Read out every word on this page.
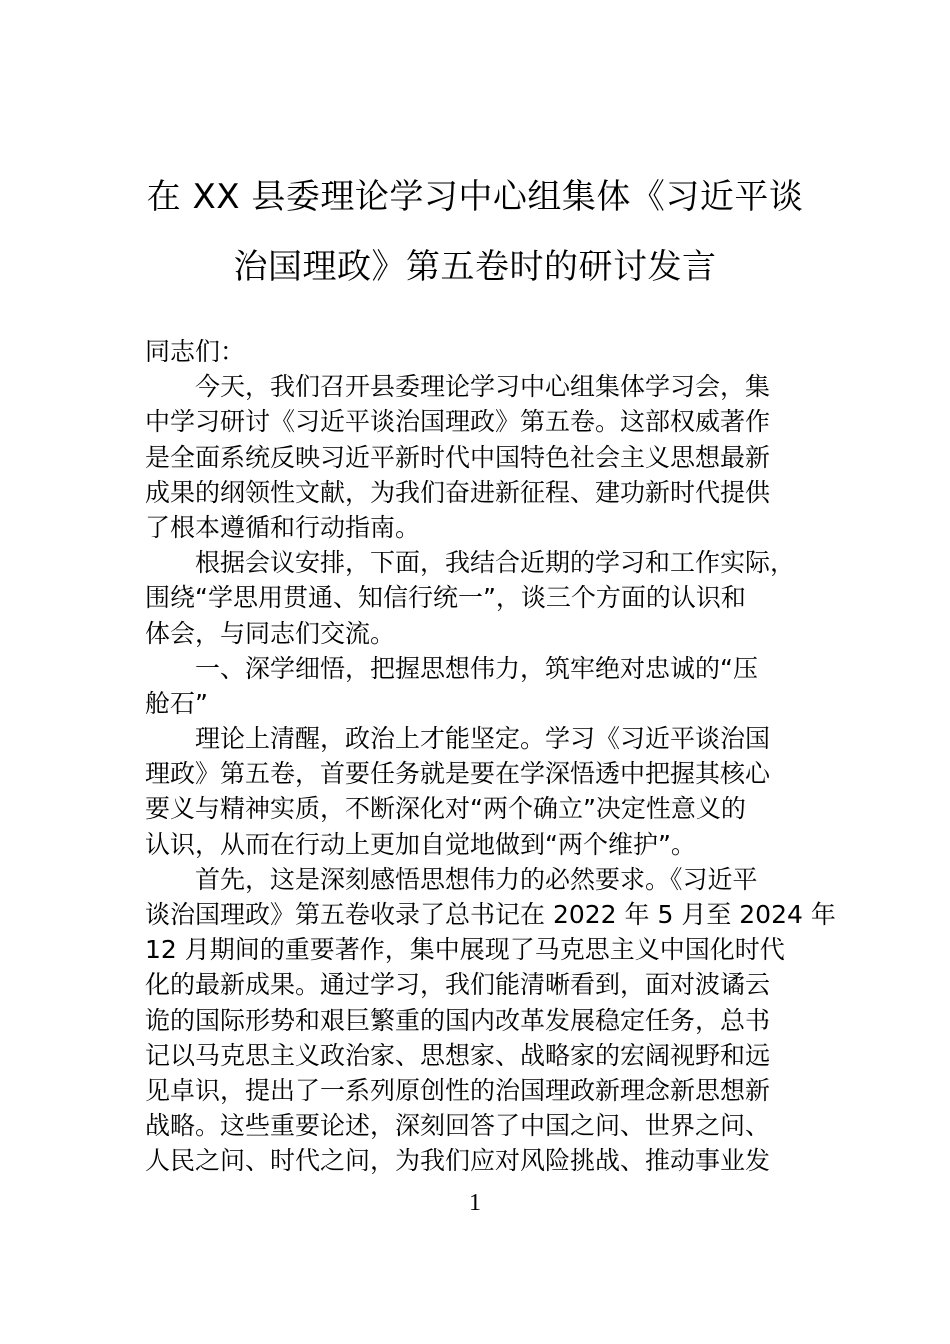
在 XX 县委理论学习中心组集体《习近平谈
治国理政》第五卷时的研讨发言
同志们：
今天，我们召开县委理论学习中心组集体学习会，集
中学习研讨《习近平谈治国理政》第五卷。这部权威著作
是全面系统反映习近平新时代中国特色社会主义思想最新
成果的纲领性文献，为我们奋进新征程、建功新时代提供
了根本遵循和行动指南。
根据会议安排，下面，我结合近期的学习和工作实际，
围绕“学思用贯通、知信行统一”，谈三个方面的认识和
体会，与同志们交流。
一、深学细悟，把握思想伟力，筑牢绝对忠诚的“压
舱石”
理论上清醒，政治上才能坚定。学习《习近平谈治国
理政》第五卷，首要任务就是要在学深悟透中把握其核心
要义与精神实质，不断深化对“两个确立”决定性意义的
认识，从而在行动上更加自觉地做到“两个维护”。
首先，这是深刻感悟思想伟力的必然要求。《习近平
谈治国理政》第五卷收录了总书记在 2022 年 5 月至 2024 年
12 月期间的重要著作，集中展现了马克思主义中国化时代
化的最新成果。通过学习，我们能清晰看到，面对波谲云
诡的国际形势和艰巨繁重的国内改革发展稳定任务，总书
记以马克思主义政治家、思想家、战略家的宏阔视野和远
见卓识，提出了一系列原创性的治国理政新理念新思想新
战略。这些重要论述，深刻回答了中国之问、世界之问、
人民之问、时代之问，为我们应对风险挑战、推动事业发
1
